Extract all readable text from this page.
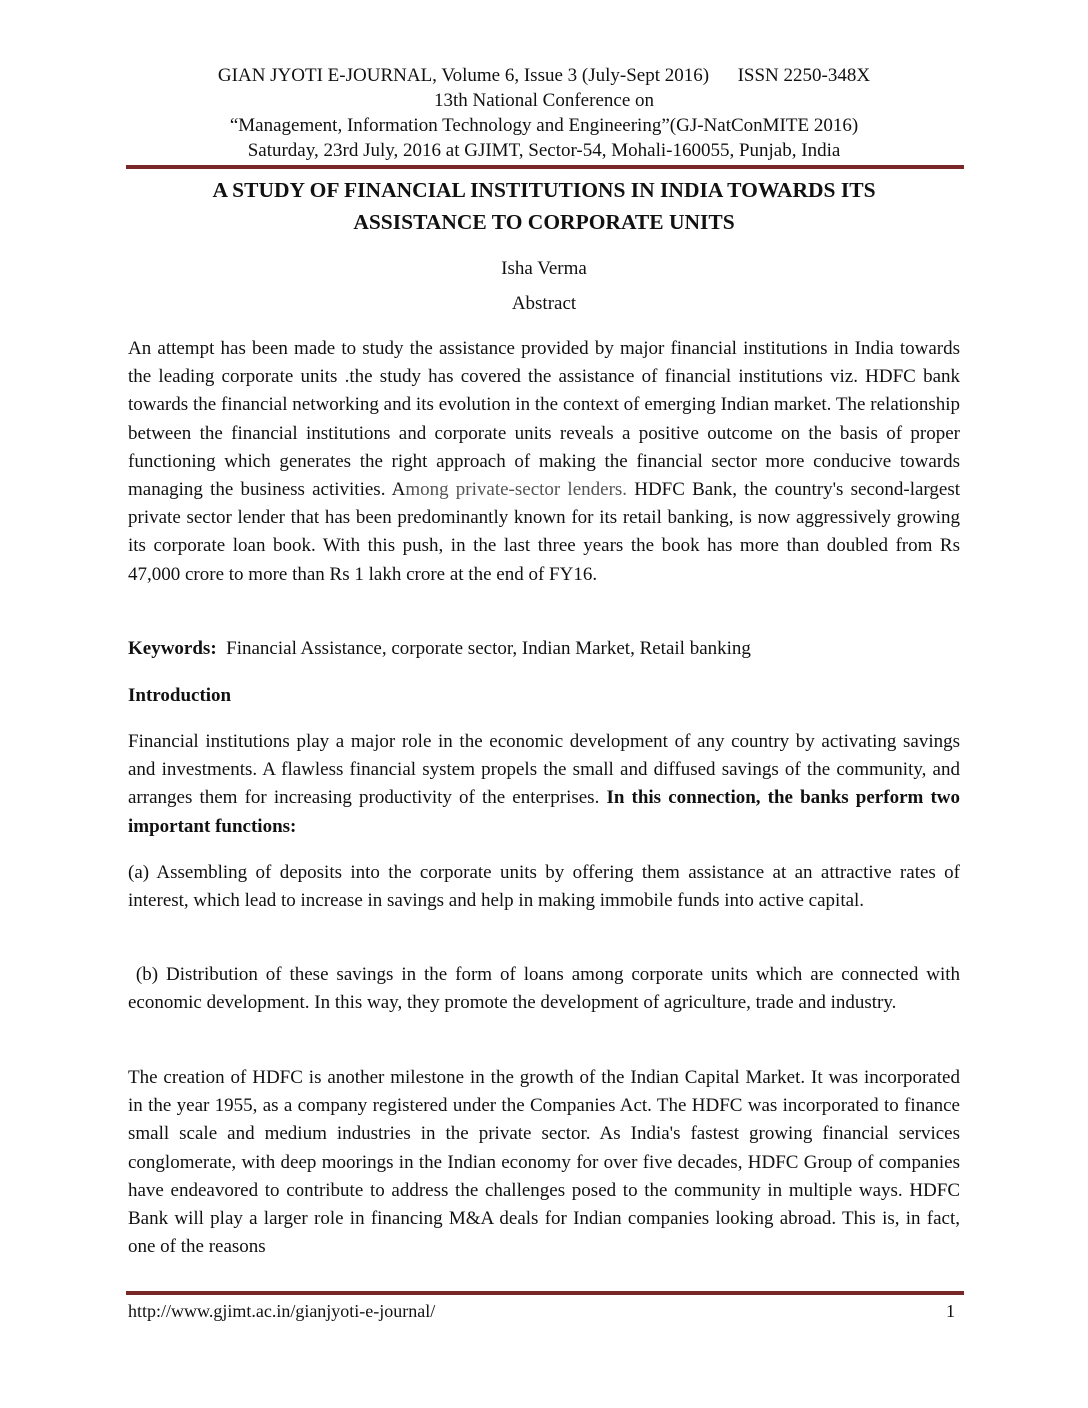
GIAN JYOTI E-JOURNAL, Volume 6, Issue 3 (July-Sept 2016)      ISSN 2250-348X
13th National Conference on
“Management, Information Technology and Engineering”(GJ-NatConMITE 2016)
Saturday, 23rd July, 2016 at GJIMT, Sector-54, Mohali-160055, Punjab, India
A STUDY OF FINANCIAL INSTITUTIONS IN INDIA TOWARDS ITS
ASSISTANCE TO CORPORATE UNITS
Isha Verma
Abstract

An attempt has been made to study the assistance provided by major financial institutions in India towards the leading corporate units .the study has covered the assistance of financial institutions viz. HDFC bank towards the financial networking and its evolution in the context of emerging Indian market. The relationship between the financial institutions and corporate units reveals a positive outcome on the basis of proper functioning which generates the right approach of making the financial sector more conducive towards managing the business activities. Among private-sector lenders. HDFC Bank, the country's second-largest private sector lender that has been predominantly known for its retail banking, is now aggressively growing its corporate loan book. With this push, in the last three years the book has more than doubled from Rs 47,000 crore to more than Rs 1 lakh crore at the end of FY16.

Keywords:  Financial Assistance, corporate sector, Indian Market, Retail banking

Introduction

Financial institutions play a major role in the economic development of any country by activating savings and investments. A flawless financial system propels the small and diffused savings of the community, and arranges them for increasing productivity of the enterprises. In this connection, the banks perform two important functions:

(a) Assembling of deposits into the corporate units by offering them assistance at an attractive rates of interest, which lead to increase in savings and help in making immobile funds into active capital.

(b) Distribution of these savings in the form of loans among corporate units which are connected with economic development. In this way, they promote the development of agriculture, trade and industry.

The creation of HDFC is another milestone in the growth of the Indian Capital Market. It was incorporated in the year 1955, as a company registered under the Companies Act. The HDFC was incorporated to finance small scale and medium industries in the private sector. As India's fastest growing financial services conglomerate, with deep moorings in the Indian economy for over five decades, HDFC Group of companies have endeavored to contribute to address the challenges posed to the community in multiple ways. HDFC Bank will play a larger role in financing M&A deals for Indian companies looking abroad. This is, in fact, one of the reasons

http://www.gjimt.ac.in/gianjyoti-e-journal/	1
